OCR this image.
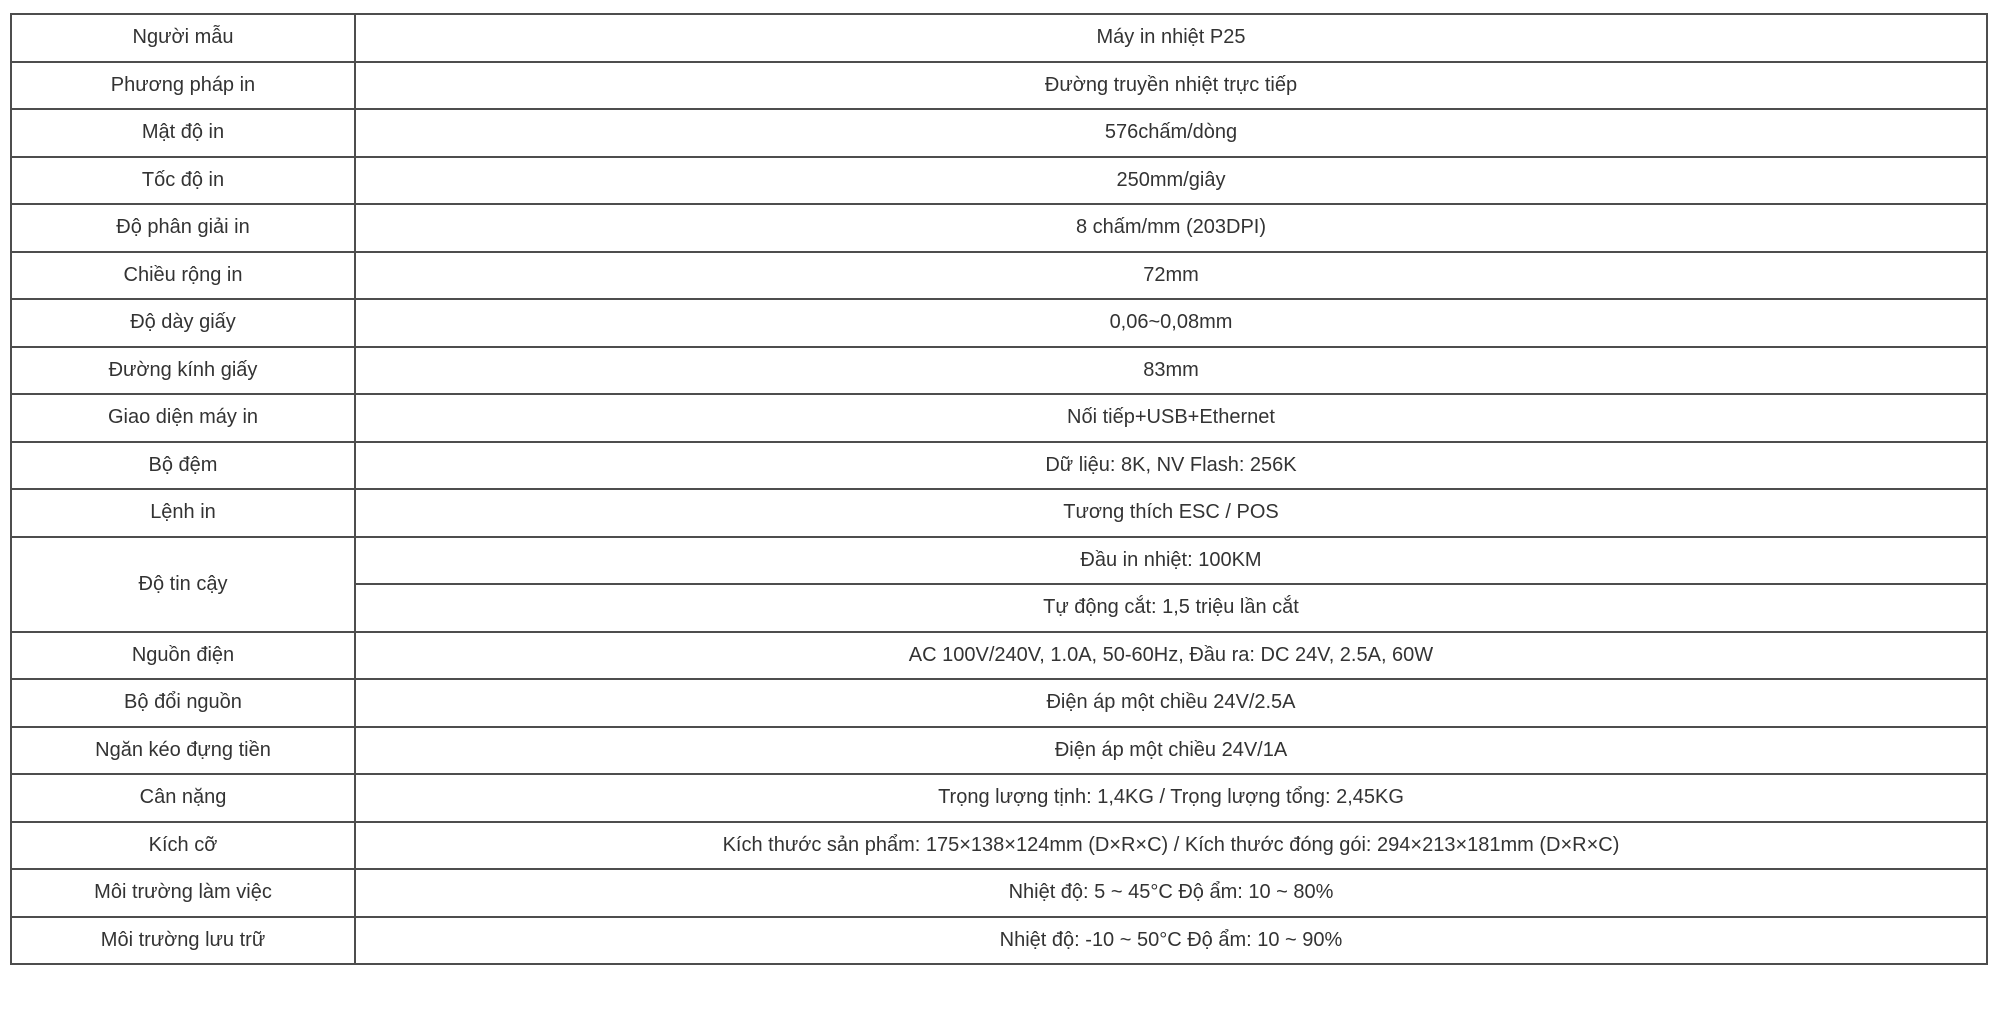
Người mẫu	Máy in nhiệt P25
Phương pháp in	Đường truyền nhiệt trực tiếp
Mật độ in	576chấm/dòng
Tốc độ in	250mm/giây
Độ phân giải in	8 chấm/mm (203DPI)
Chiều rộng in	72mm
Độ dày giấy	0,06~0,08mm
Đường kính giấy	83mm
Giao diện máy in	Nối tiếp+USB+Ethernet
Bộ đệm	Dữ liệu: 8K, NV Flash: 256K
Lệnh in	Tương thích ESC / POS
Độ tin cậy	Đầu in nhiệt: 100KM
	Tự động cắt: 1,5 triệu lần cắt
Nguồn điện	AC 100V/240V, 1.0A, 50-60Hz, Đầu ra: DC 24V, 2.5A, 60W
Bộ đổi nguồn	Điện áp một chiều 24V/2.5A
Ngăn kéo đựng tiền	Điện áp một chiều 24V/1A
Cân nặng	Trọng lượng tịnh: 1,4KG / Trọng lượng tổng: 2,45KG
Kích cỡ	Kích thước sản phẩm: 175×138×124mm (D×R×C) / Kích thước đóng gói: 294×213×181mm (D×R×C)
Môi trường làm việc	Nhiệt độ: 5 ~ 45°C Độ ẩm: 10 ~ 80%
Môi trường lưu trữ	Nhiệt độ: -10 ~ 50°C Độ ẩm: 10 ~ 90%
